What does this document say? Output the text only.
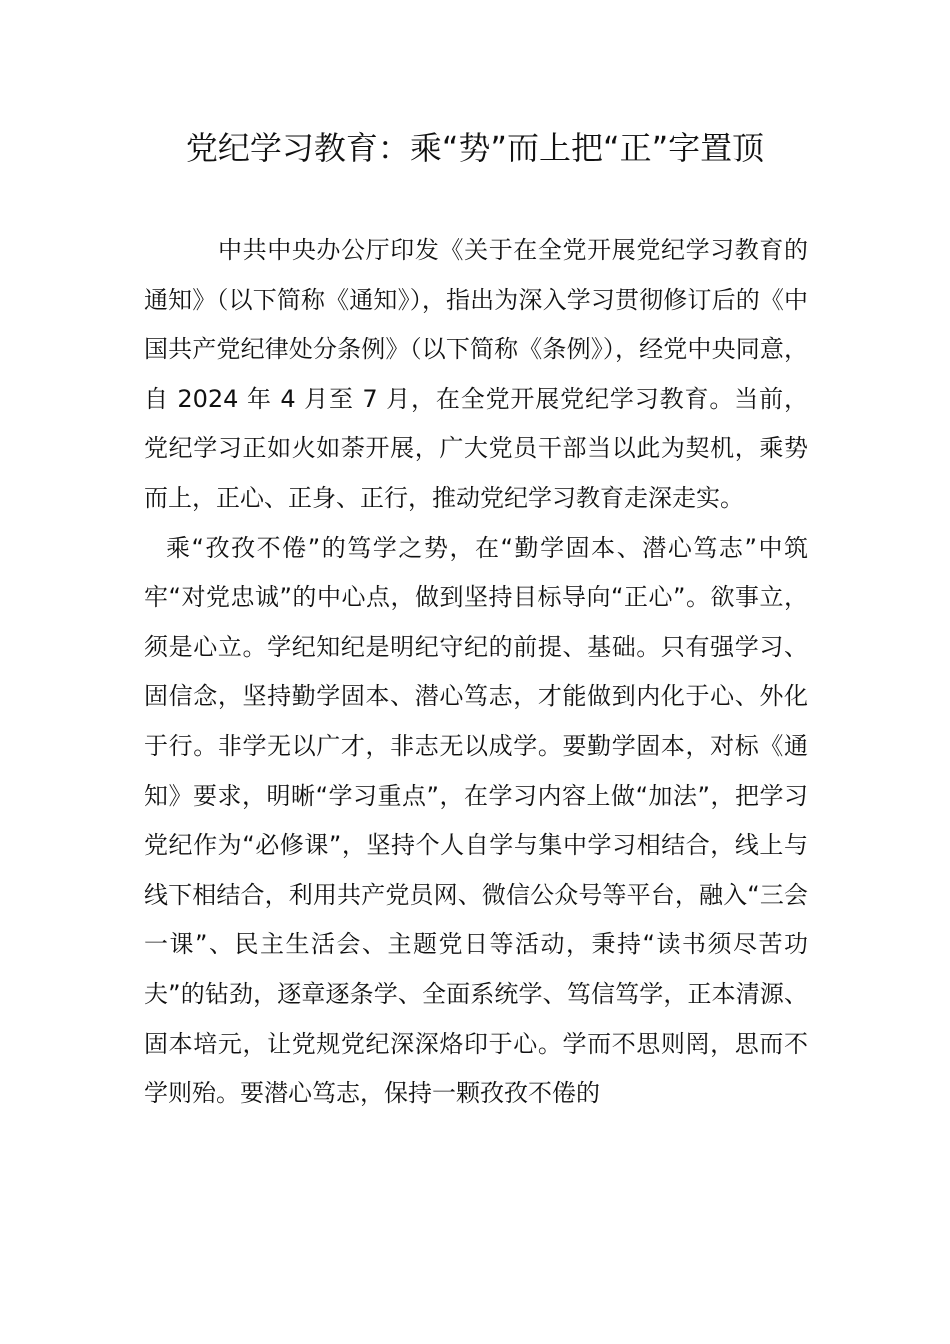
党纪学习教育：乘“势”而上把“正”字置顶

中共中央办公厅印发《关于在全党开展党纪学习教育的通知》（以下简称《通知》），指出为深入学习贯彻修订后的《中国共产党纪律处分条例》（以下简称《条例》），经党中央同意，自 2024 年 4 月至 7 月，在全党开展党纪学习教育。当前，党纪学习正如火如荼开展，广大党员干部当以此为契机，乘势而上，正心、正身、正行，推动党纪学习教育走深走实。

乘“孜孜不倦”的笃学之势，在“勤学固本、潜心笃志”中筑牢“对党忠诚”的中心点，做到坚持目标导向“正心”。欲事立，须是心立。学纪知纪是明纪守纪的前提、基础。只有强学习、固信念，坚持勤学固本、潜心笃志，才能做到内化于心、外化于行。非学无以广才，非志无以成学。要勤学固本，对标《通知》要求，明晰“学习重点”，在学习内容上做“加法”，把学习党纪作为“必修课”，坚持个人自学与集中学习相结合，线上与线下相结合，利用共产党员网、微信公众号等平台，融入“三会一课”、民主生活会、主题党日等活动，秉持“读书须尽苦功夫”的钻劲，逐章逐条学、全面系统学、笃信笃学，正本清源、固本培元，让党规党纪深深烙印于心。学而不思则罔，思而不学则殆。要潜心笃志，保持一颗孜孜不倦的
